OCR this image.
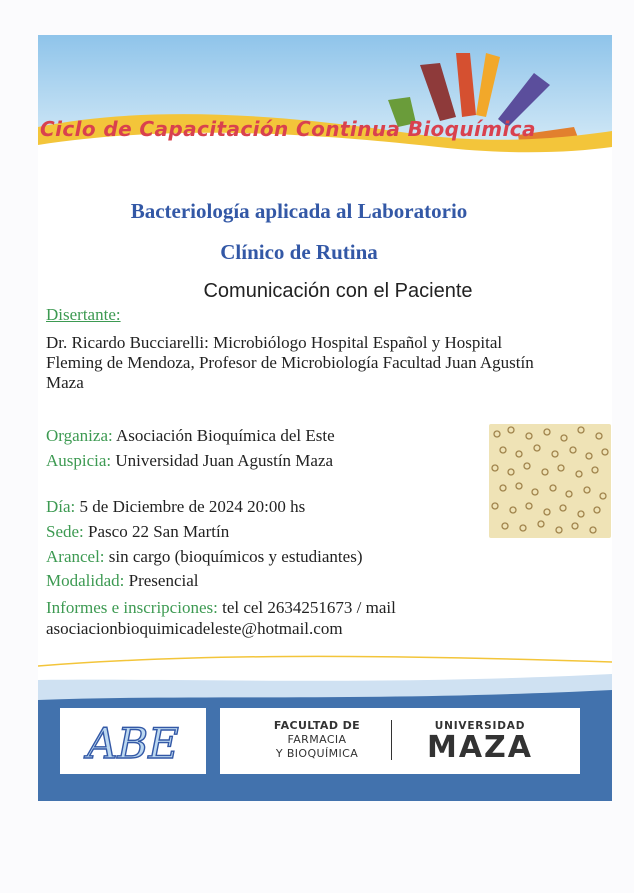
Ciclo de Capacitación Continua Bioquímica
Bacteriología aplicada al Laboratorio
Clínico de Rutina
Comunicación con el Paciente
Disertante:
Dr. Ricardo Bucciarelli: Microbiólogo Hospital Español y Hospital
Fleming de Mendoza, Profesor de Microbiología Facultad Juan Agustín
Maza
Organiza: Asociación Bioquímica del Este
Auspicia: Universidad Juan Agustín Maza
Día: 5 de Diciembre de 2024 20:00 hs
Sede: Pasco 22 San Martín
Arancel: sin cargo (bioquímicos y estudiantes)
Modalidad: Presencial
Informes e inscripciones: tel cel 2634251673 / mail
asociacionbioquimicadeleste@hotmail.com
ABE	FACULTAD DE
FARMACIA
Y BIOQUÍMICA
UNIVERSIDAD
MAZA
